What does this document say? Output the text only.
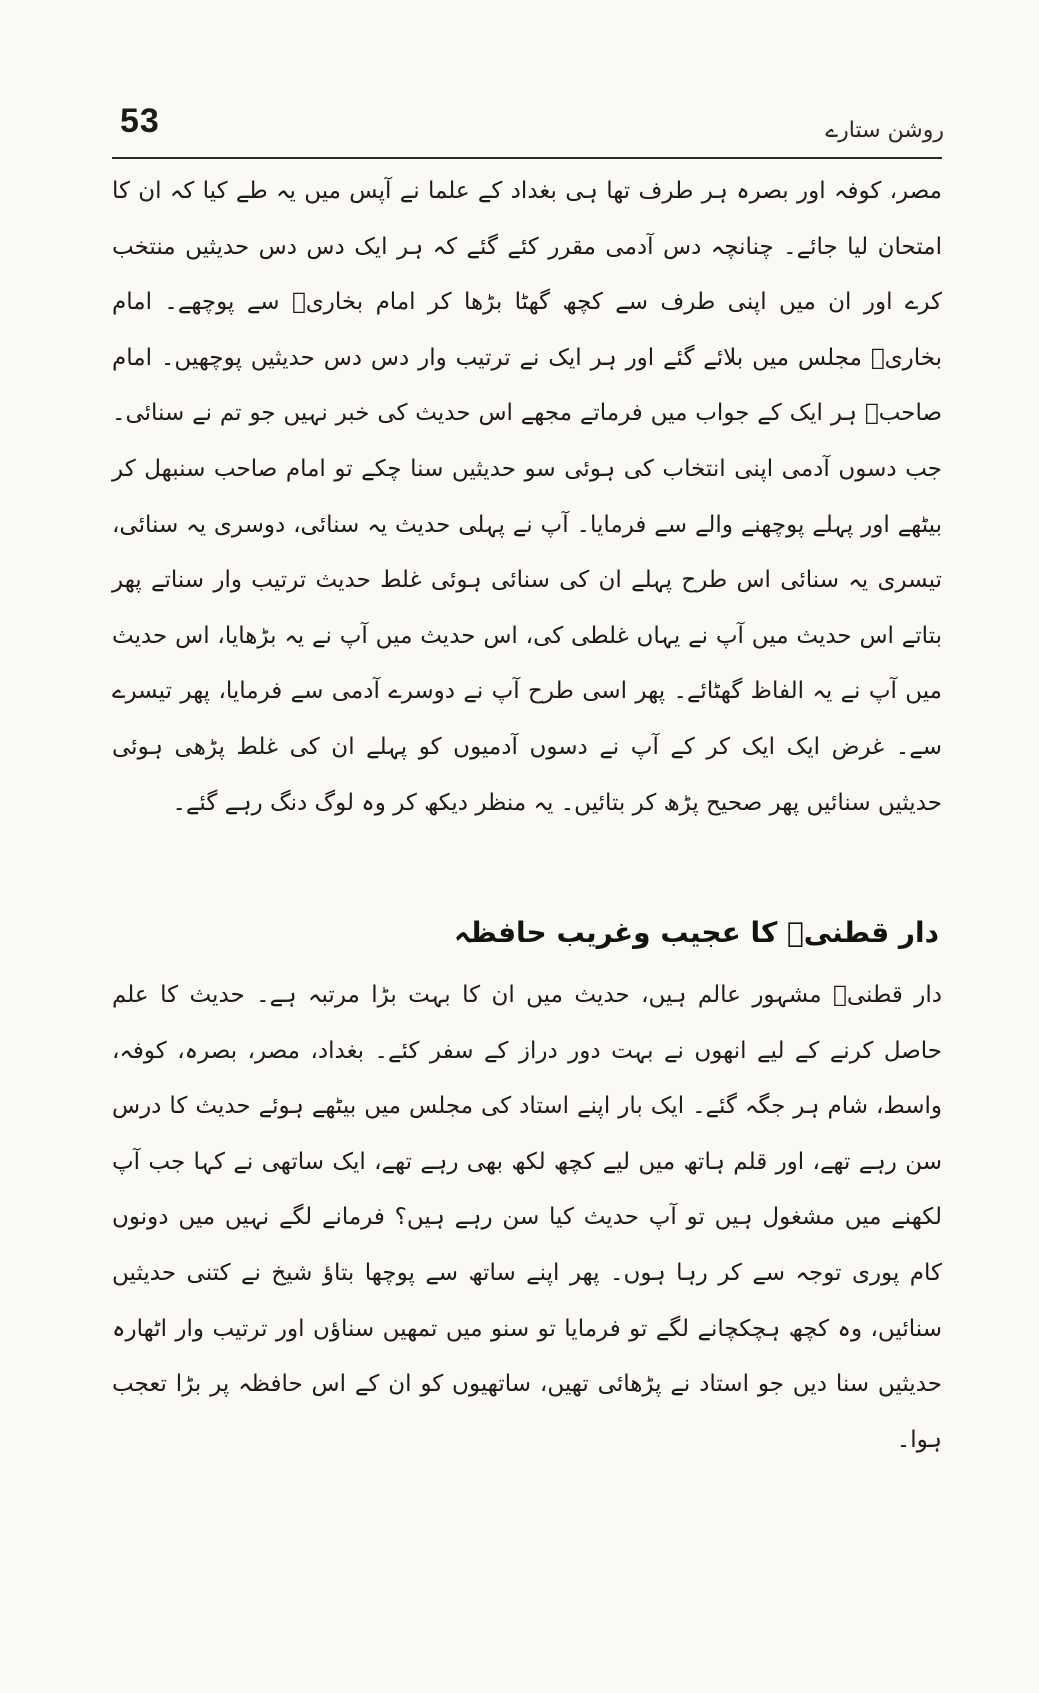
53	روشن ستارے

مصر، کوفہ اور بصرہ ہر طرف تھا ہی بغداد کے علما نے آپس میں یہ طے کیا کہ ان کا امتحان لیا جائے۔ چنانچہ دس آدمی مقرر کئے گئے کہ ہر ایک دس دس حدیثیں منتخب کرے اور ان میں اپنی طرف سے کچھ گھٹا بڑھا کر امام بخاریؒ سے پوچھے۔ امام بخاریؒ مجلس میں بلائے گئے اور ہر ایک نے ترتیب وار دس دس حدیثیں پوچھیں۔ امام صاحبؒ ہر ایک کے جواب میں فرماتے مجھے اس حدیث کی خبر نہیں جو تم نے سنائی۔ جب دسوں آدمی اپنی انتخاب کی ہوئی سو حدیثیں سنا چکے تو امام صاحب سنبھل کر بیٹھے اور پہلے پوچھنے والے سے فرمایا۔ آپ نے پہلی حدیث یہ سنائی، دوسری یہ سنائی، تیسری یہ سنائی اس طرح پہلے ان کی سنائی ہوئی غلط حدیث ترتیب وار سناتے پھر بتاتے اس حدیث میں آپ نے یہاں غلطی کی، اس حدیث میں آپ نے یہ بڑھایا، اس حدیث میں آپ نے یہ الفاظ گھٹائے۔ پھر اسی طرح آپ نے دوسرے آدمی سے فرمایا، پھر تیسرے سے۔ غرض ایک ایک کر کے آپ نے دسوں آدمیوں کو پہلے ان کی غلط پڑھی ہوئی حدیثیں سنائیں پھر صحیح پڑھ کر بتائیں۔ یہ منظر دیکھ کر وہ لوگ دنگ رہے گئے۔

دار قطنیؒ کا عجیب وغریب حافظہ

دار قطنیؒ مشہور عالم ہیں، حدیث میں ان کا بہت بڑا مرتبہ ہے۔ حدیث کا علم حاصل کرنے کے لیے انھوں نے بہت دور دراز کے سفر کئے۔ بغداد، مصر، بصرہ، کوفہ، واسط، شام ہر جگہ گئے۔ ایک بار اپنے استاد کی مجلس میں بیٹھے ہوئے حدیث کا درس سن رہے تھے، اور قلم ہاتھ میں لیے کچھ لکھ بھی رہے تھے، ایک ساتھی نے کہا جب آپ لکھنے میں مشغول ہیں تو آپ حدیث کیا سن رہے ہیں؟ فرمانے لگے نہیں میں دونوں کام پوری توجہ سے کر رہا ہوں۔ پھر اپنے ساتھ سے پوچھا بتاؤ شیخ نے کتنی حدیثیں سنائیں، وہ کچھ ہچکچانے لگے تو فرمایا تو سنو میں تمھیں سناؤں اور ترتیب وار اٹھارہ حدیثیں سنا دیں جو استاد نے پڑھائی تھیں، ساتھیوں کو ان کے اس حافظہ پر بڑا تعجب ہوا۔
